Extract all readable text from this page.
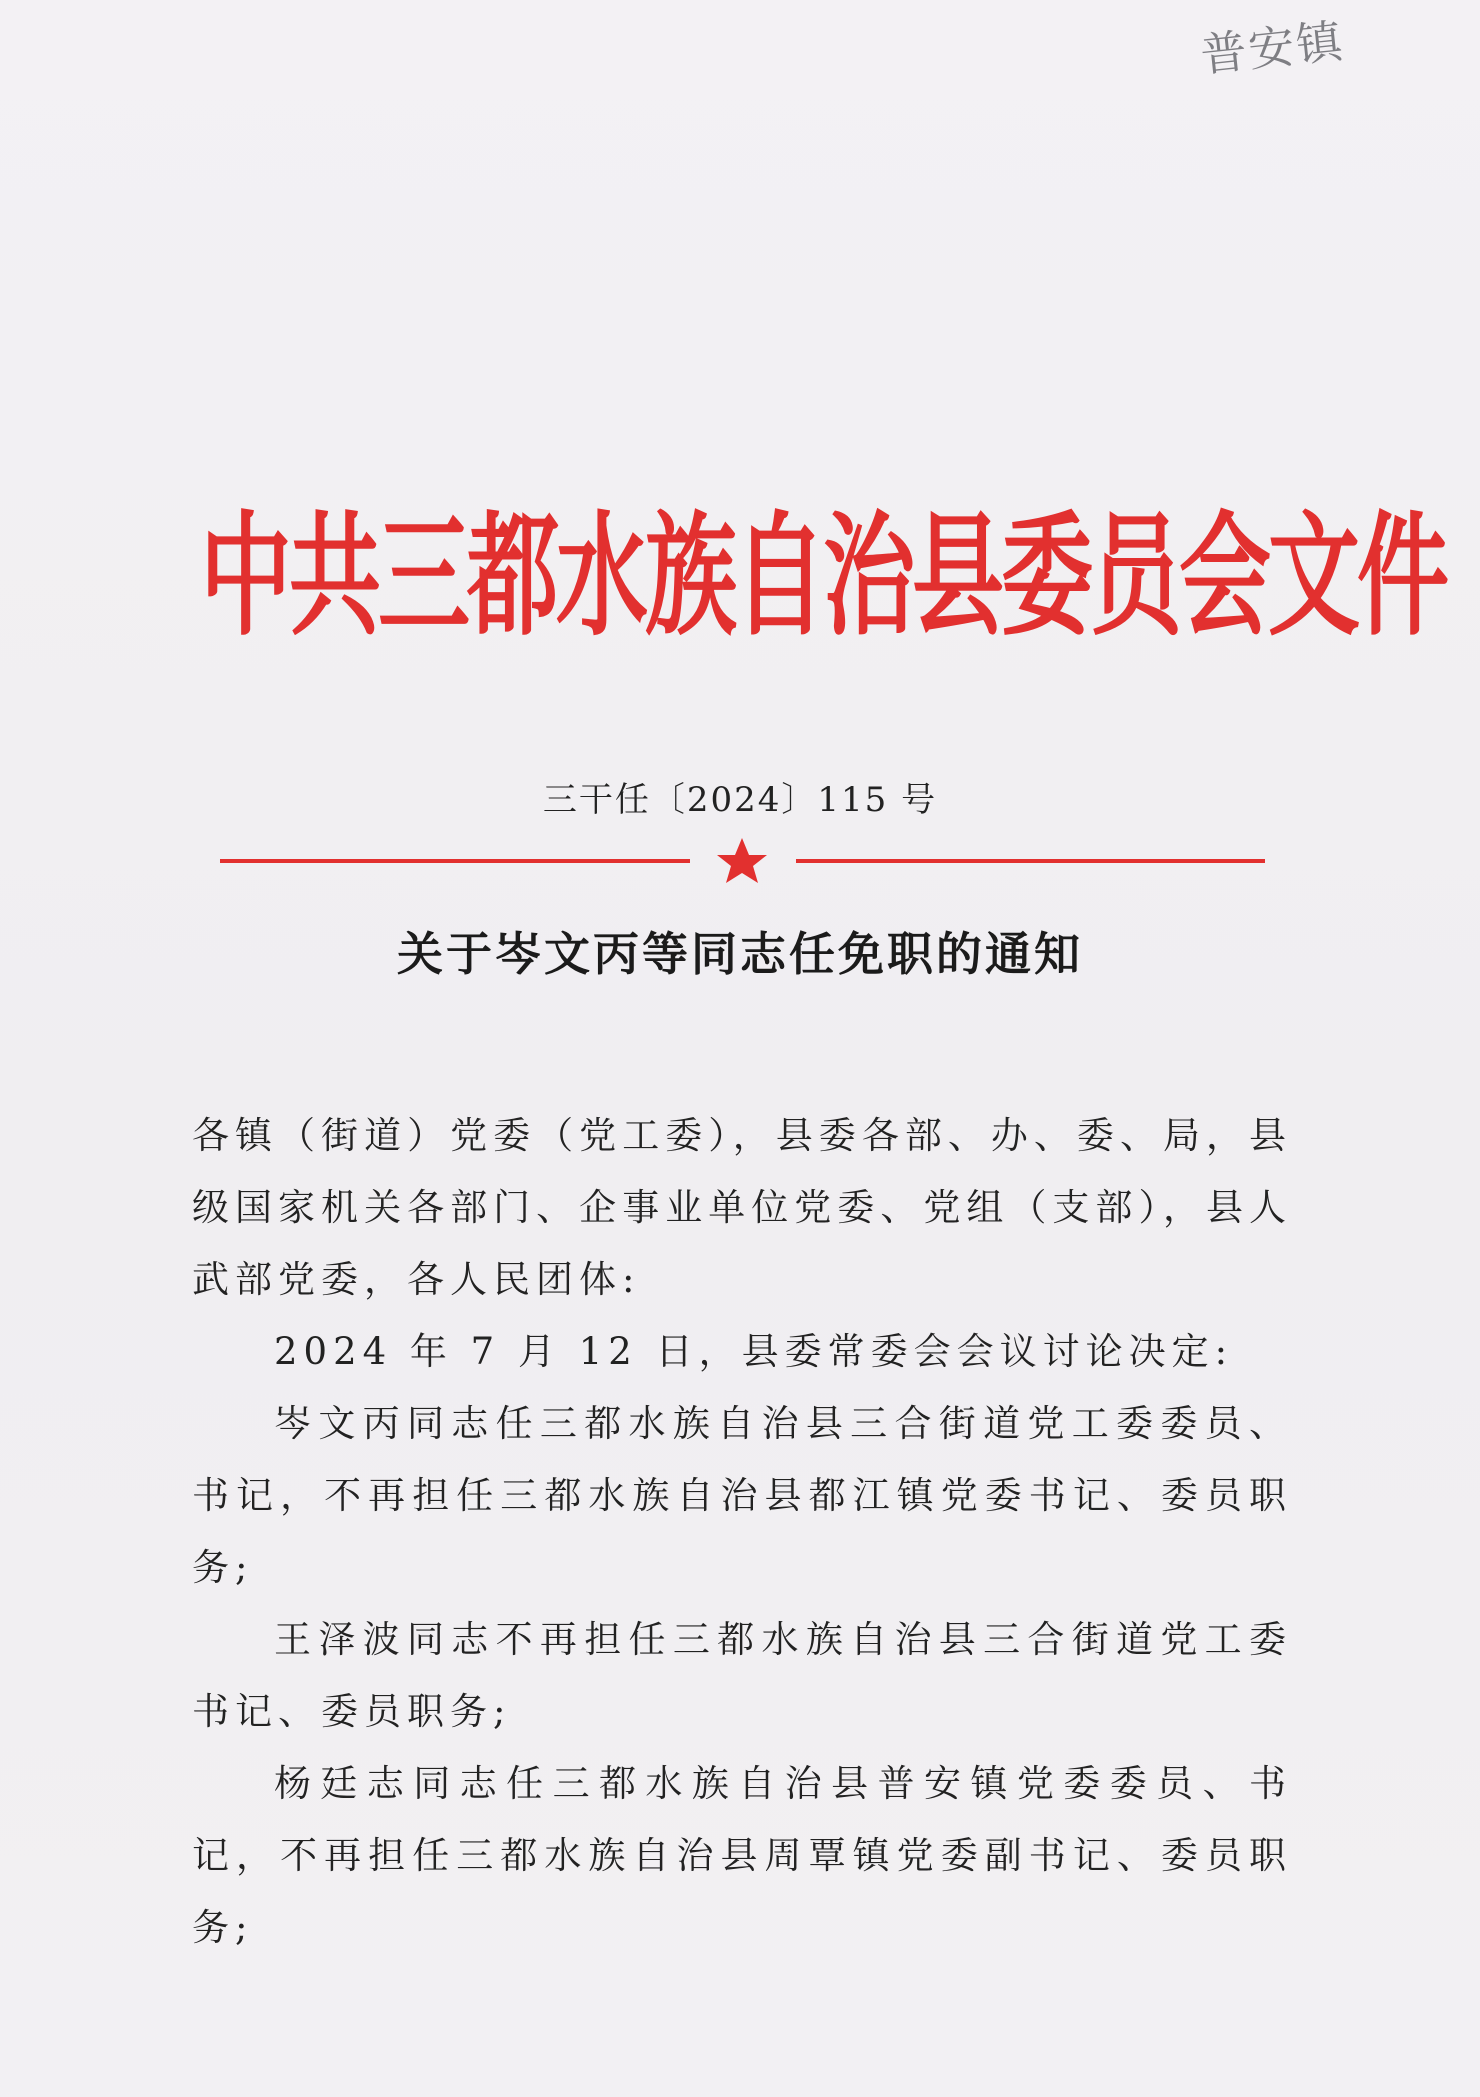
普安镇
中共三都水族自治县委员会文件
三干任〔2024〕115 号
关于岑文丙等同志任免职的通知

各镇（街道）党委（党工委），县委各部、办、委、局，县级国家机关各部门、企事业单位党委、党组（支部），县人武部党委，各人民团体:

2024 年 7 月 12 日，县委常委会会议讨论决定:

岑文丙同志任三都水族自治县三合街道党工委委员、书记，不再担任三都水族自治县都江镇党委书记、委员职务;

王泽波同志不再担任三都水族自治县三合街道党工委书记、委员职务;

杨廷志同志任三都水族自治县普安镇党委委员、书记，不再担任三都水族自治县周覃镇党委副书记、委员职务;
